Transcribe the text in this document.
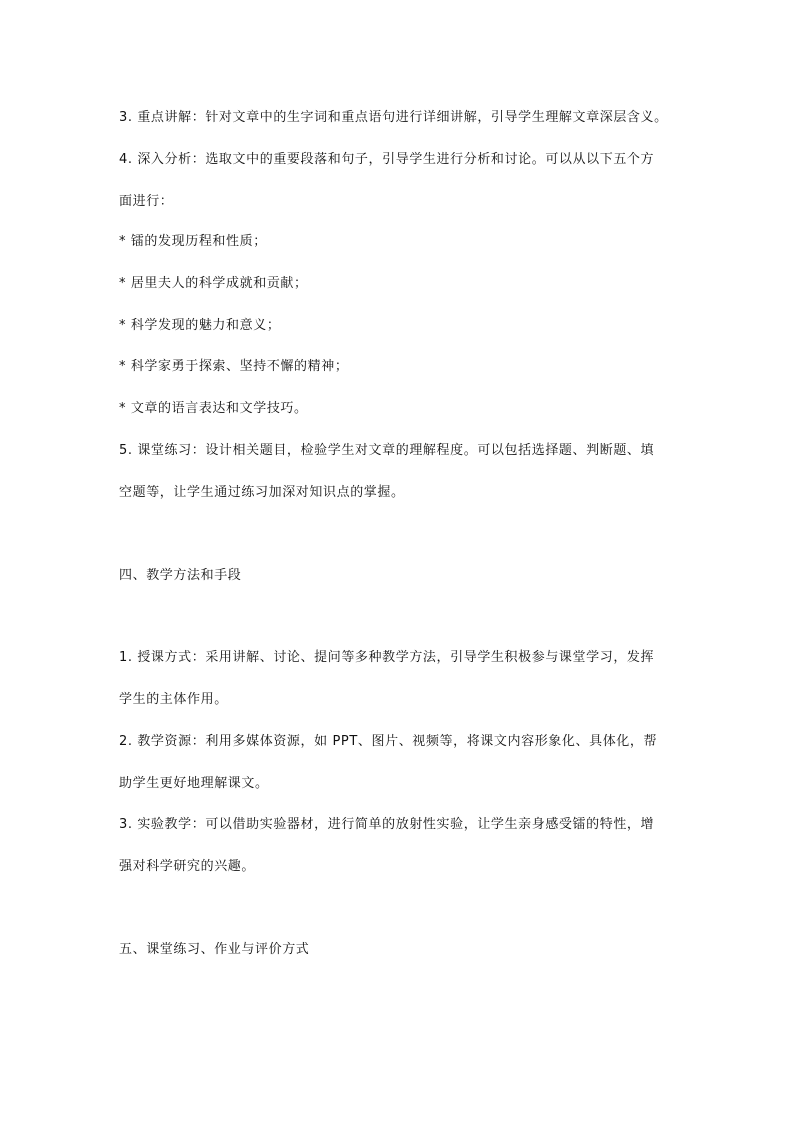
3. 重点讲解：针对文章中的生字词和重点语句进行详细讲解，引导学生理解文章深层含义。
4. 深入分析：选取文中的重要段落和句子，引导学生进行分析和讨论。可以从以下五个方
面进行：
* 镭的发现历程和性质；
* 居里夫人的科学成就和贡献；
* 科学发现的魅力和意义；
* 科学家勇于探索、坚持不懈的精神；
* 文章的语言表达和文学技巧。
5. 课堂练习：设计相关题目，检验学生对文章的理解程度。可以包括选择题、判断题、填
空题等，让学生通过练习加深对知识点的掌握。
四、教学方法和手段
1. 授课方式：采用讲解、讨论、提问等多种教学方法，引导学生积极参与课堂学习，发挥
学生的主体作用。
2. 教学资源：利用多媒体资源，如 PPT、图片、视频等，将课文内容形象化、具体化，帮
助学生更好地理解课文。
3. 实验教学：可以借助实验器材，进行简单的放射性实验，让学生亲身感受镭的特性，增
强对科学研究的兴趣。
五、课堂练习、作业与评价方式
